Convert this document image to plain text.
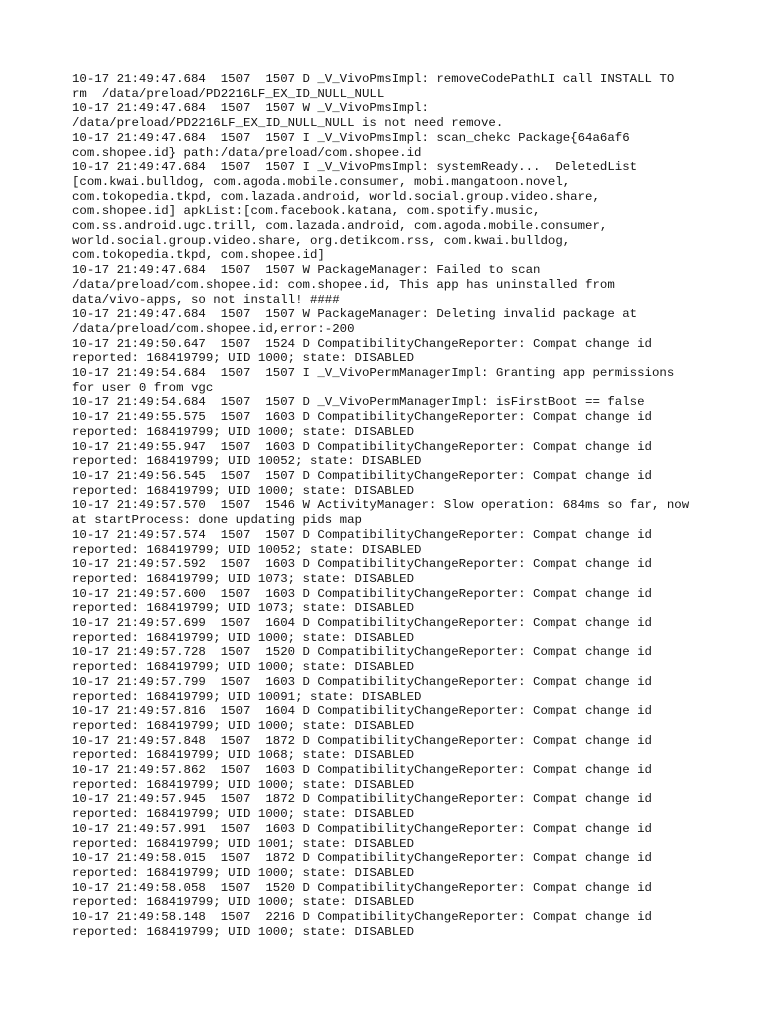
10-17 21:49:47.684  1507  1507 D _V_VivoPmsImpl: removeCodePathLI call INSTALL TO
rm  /data/preload/PD2216LF_EX_ID_NULL_NULL
10-17 21:49:47.684  1507  1507 W _V_VivoPmsImpl:
/data/preload/PD2216LF_EX_ID_NULL_NULL is not need remove.
10-17 21:49:47.684  1507  1507 I _V_VivoPmsImpl: scan_chekc Package{64a6af6
com.shopee.id} path:/data/preload/com.shopee.id
10-17 21:49:47.684  1507  1507 I _V_VivoPmsImpl: systemReady...  DeletedList
[com.kwai.bulldog, com.agoda.mobile.consumer, mobi.mangatoon.novel,
com.tokopedia.tkpd, com.lazada.android, world.social.group.video.share,
com.shopee.id] apkList:[com.facebook.katana, com.spotify.music,
com.ss.android.ugc.trill, com.lazada.android, com.agoda.mobile.consumer,
world.social.group.video.share, org.detikcom.rss, com.kwai.bulldog,
com.tokopedia.tkpd, com.shopee.id]
10-17 21:49:47.684  1507  1507 W PackageManager: Failed to scan
/data/preload/com.shopee.id: com.shopee.id, This app has uninstalled from
data/vivo-apps, so not install! ####
10-17 21:49:47.684  1507  1507 W PackageManager: Deleting invalid package at
/data/preload/com.shopee.id,error:-200
10-17 21:49:50.647  1507  1524 D CompatibilityChangeReporter: Compat change id
reported: 168419799; UID 1000; state: DISABLED
10-17 21:49:54.684  1507  1507 I _V_VivoPermManagerImpl: Granting app permissions
for user 0 from vgc
10-17 21:49:54.684  1507  1507 D _V_VivoPermManagerImpl: isFirstBoot == false
10-17 21:49:55.575  1507  1603 D CompatibilityChangeReporter: Compat change id
reported: 168419799; UID 1000; state: DISABLED
10-17 21:49:55.947  1507  1603 D CompatibilityChangeReporter: Compat change id
reported: 168419799; UID 10052; state: DISABLED
10-17 21:49:56.545  1507  1507 D CompatibilityChangeReporter: Compat change id
reported: 168419799; UID 1000; state: DISABLED
10-17 21:49:57.570  1507  1546 W ActivityManager: Slow operation: 684ms so far, now
at startProcess: done updating pids map
10-17 21:49:57.574  1507  1507 D CompatibilityChangeReporter: Compat change id
reported: 168419799; UID 10052; state: DISABLED
10-17 21:49:57.592  1507  1603 D CompatibilityChangeReporter: Compat change id
reported: 168419799; UID 1073; state: DISABLED
10-17 21:49:57.600  1507  1603 D CompatibilityChangeReporter: Compat change id
reported: 168419799; UID 1073; state: DISABLED
10-17 21:49:57.699  1507  1604 D CompatibilityChangeReporter: Compat change id
reported: 168419799; UID 1000; state: DISABLED
10-17 21:49:57.728  1507  1520 D CompatibilityChangeReporter: Compat change id
reported: 168419799; UID 1000; state: DISABLED
10-17 21:49:57.799  1507  1603 D CompatibilityChangeReporter: Compat change id
reported: 168419799; UID 10091; state: DISABLED
10-17 21:49:57.816  1507  1604 D CompatibilityChangeReporter: Compat change id
reported: 168419799; UID 1000; state: DISABLED
10-17 21:49:57.848  1507  1872 D CompatibilityChangeReporter: Compat change id
reported: 168419799; UID 1068; state: DISABLED
10-17 21:49:57.862  1507  1603 D CompatibilityChangeReporter: Compat change id
reported: 168419799; UID 1000; state: DISABLED
10-17 21:49:57.945  1507  1872 D CompatibilityChangeReporter: Compat change id
reported: 168419799; UID 1000; state: DISABLED
10-17 21:49:57.991  1507  1603 D CompatibilityChangeReporter: Compat change id
reported: 168419799; UID 1001; state: DISABLED
10-17 21:49:58.015  1507  1872 D CompatibilityChangeReporter: Compat change id
reported: 168419799; UID 1000; state: DISABLED
10-17 21:49:58.058  1507  1520 D CompatibilityChangeReporter: Compat change id
reported: 168419799; UID 1000; state: DISABLED
10-17 21:49:58.148  1507  2216 D CompatibilityChangeReporter: Compat change id
reported: 168419799; UID 1000; state: DISABLED
